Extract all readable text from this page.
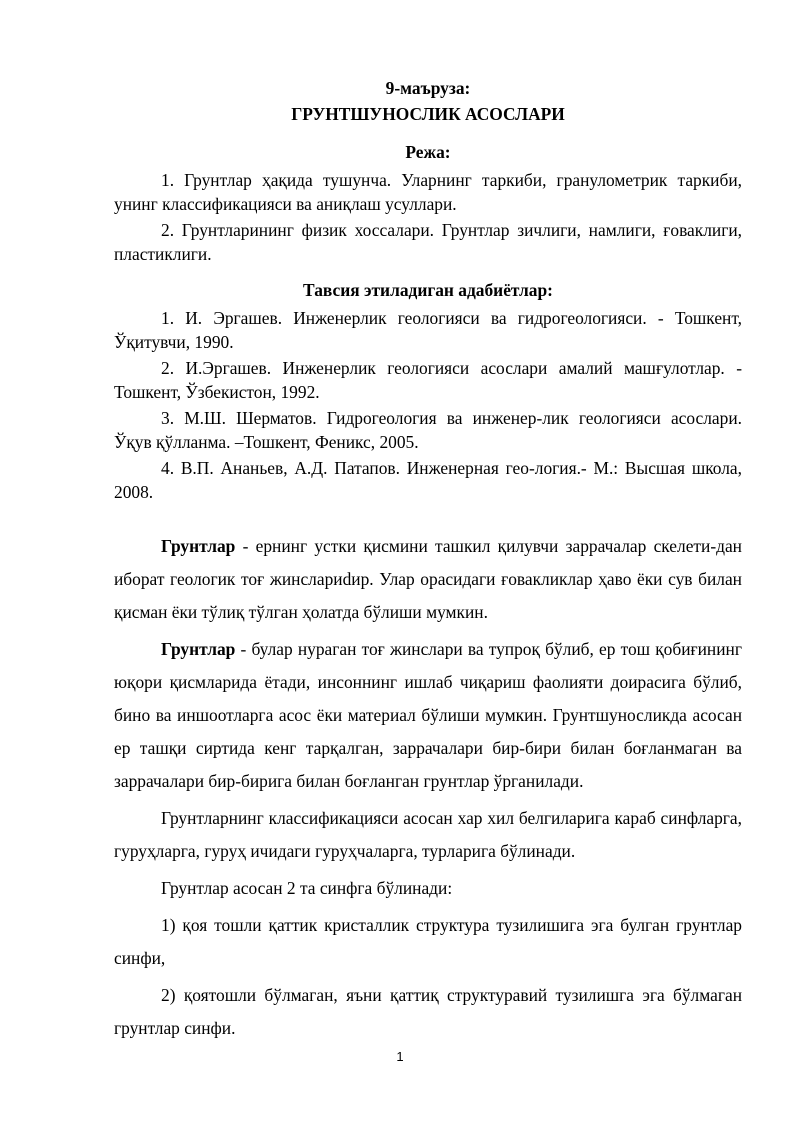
9-маъруза:

ГРУНТШУНОСЛИК АСОСЛАРИ

Режа:

1. Грунтлар ҳақида тушунча. Уларнинг таркиби, гранулометрик таркиби, унинг классификацияси ва аниқлаш усуллари.

2. Грунтларининг физик хоссалари. Грунтлар зичлиги, намлиги, ғоваклиги, пластиклиги.

Тавсия этиладиган адабиётлар:

1. И. Эргашев. Инженерлик геологияси ва гидрогеологияси. - Тошкент, Ўқитувчи, 1990.

2. И.Эргашев. Инженерлик геологияси асослари амалий машғулотлар. - Тошкент, Ўзбекистон, 1992.

3. М.Ш. Шерматов. Гидрогеология ва инженер-лик геологияси асослари. Ўқув қўлланма. –Тошкент, Феникс, 2005.

4. В.П. Ананьев, А.Д. Патапов. Инженерная гео-логия.- М.: Высшая школа, 2008.

Грунтлар - ернинг устки қисмини ташкил қилувчи заррачалар скелети-дан иборат геологик тоғ жинслариdир. Улар орасидаги ғовакликлар ҳаво ёки сув билан қисман ёки тўлиқ тўлган ҳолатда бўлиши мумкин.

Грунтлар - булар нураган тоғ жинслари ва тупроқ бўлиб, ер тош қобиғининг юқори қисмларида ётади, инсоннинг ишлаб чиқариш фаолияти доирасига бўлиб, бино ва иншоотларга асос ёки материал бўлиши мумкин. Грунтшуносликда асосан ер ташқи сиртида кенг тарқалган, заррачалари бир-бири билан боғланмаган ва заррачалари бир-бирига билан боғланган грунтлар ўрганилади.

Грунтларнинг классификацияси асосан хар хил белгиларига караб синфларга, гуруҳларга, гуруҳ ичидаги гуруҳчаларга, турларига бўлинади.

Грунтлар асосан 2 та синфга бўлинади:

1) қоя тошли қаттик кристаллик структура тузилишига эга булган грунтлар синфи,

2) қоятошли бўлмаган, яъни қаттиқ структуравий тузилишга эга бўлмаган грунтлар синфи.

1
